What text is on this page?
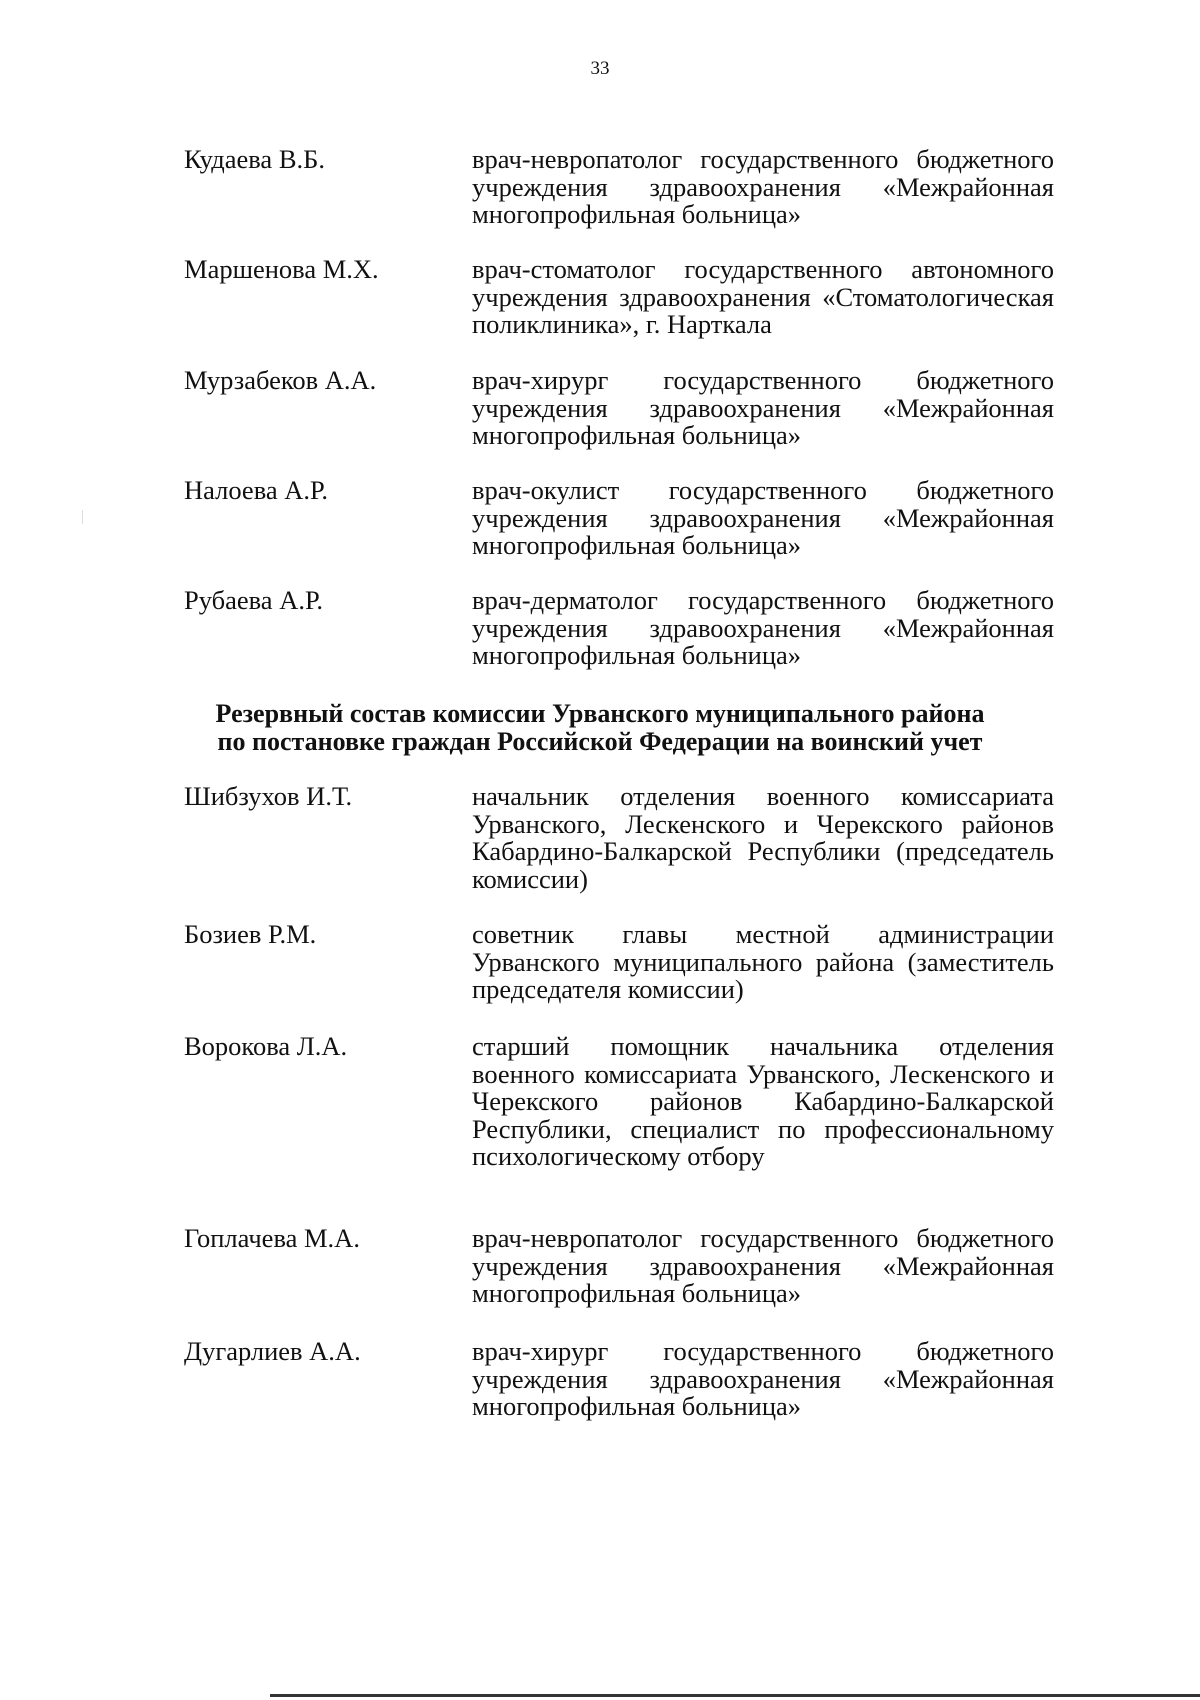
33
Кудаева В.Б.	врач-невропатолог государственного бюджетного учреждения здравоохранения «Межрайонная многопрофильная больница»
Маршенова М.Х.	врач-стоматолог государственного автономного учреждения здравоохранения «Стоматологическая поликлиника», г. Нарткала
Мурзабеков А.А.	врач-хирург государственного бюджетного учреждения здравоохранения «Межрайонная многопрофильная больница»
Налоева А.Р.	врач-окулист государственного бюджетного учреждения здравоохранения «Межрайонная многопрофильная больница»
Рубаева А.Р.	врач-дерматолог государственного бюджетного учреждения здравоохранения «Межрайонная многопрофильная больница»
Резервный состав комиссии Урванского муниципального района
по постановке граждан Российской Федерации на воинский учет
Шибзухов И.Т.	начальник отделения военного комиссариата Урванского, Лескенского и Черекского районов Кабардино-Балкарской Республики (председатель комиссии)
Бозиев Р.М.	советник главы местной администрации Урванского муниципального района (заместитель председателя комиссии)
Ворокова Л.А.	старший помощник начальника отделения военного комиссариата Урванского, Лескенского и Черекского районов Кабардино-Балкарской Республики, специалист по профессиональному психологическому отбору
Гоплачева М.А.	врач-невропатолог государственного бюджетного учреждения здравоохранения «Межрайонная многопрофильная больница»
Дугарлиев А.А.	врач-хирург государственного бюджетного учреждения здравоохранения «Межрайонная многопрофильная больница»
